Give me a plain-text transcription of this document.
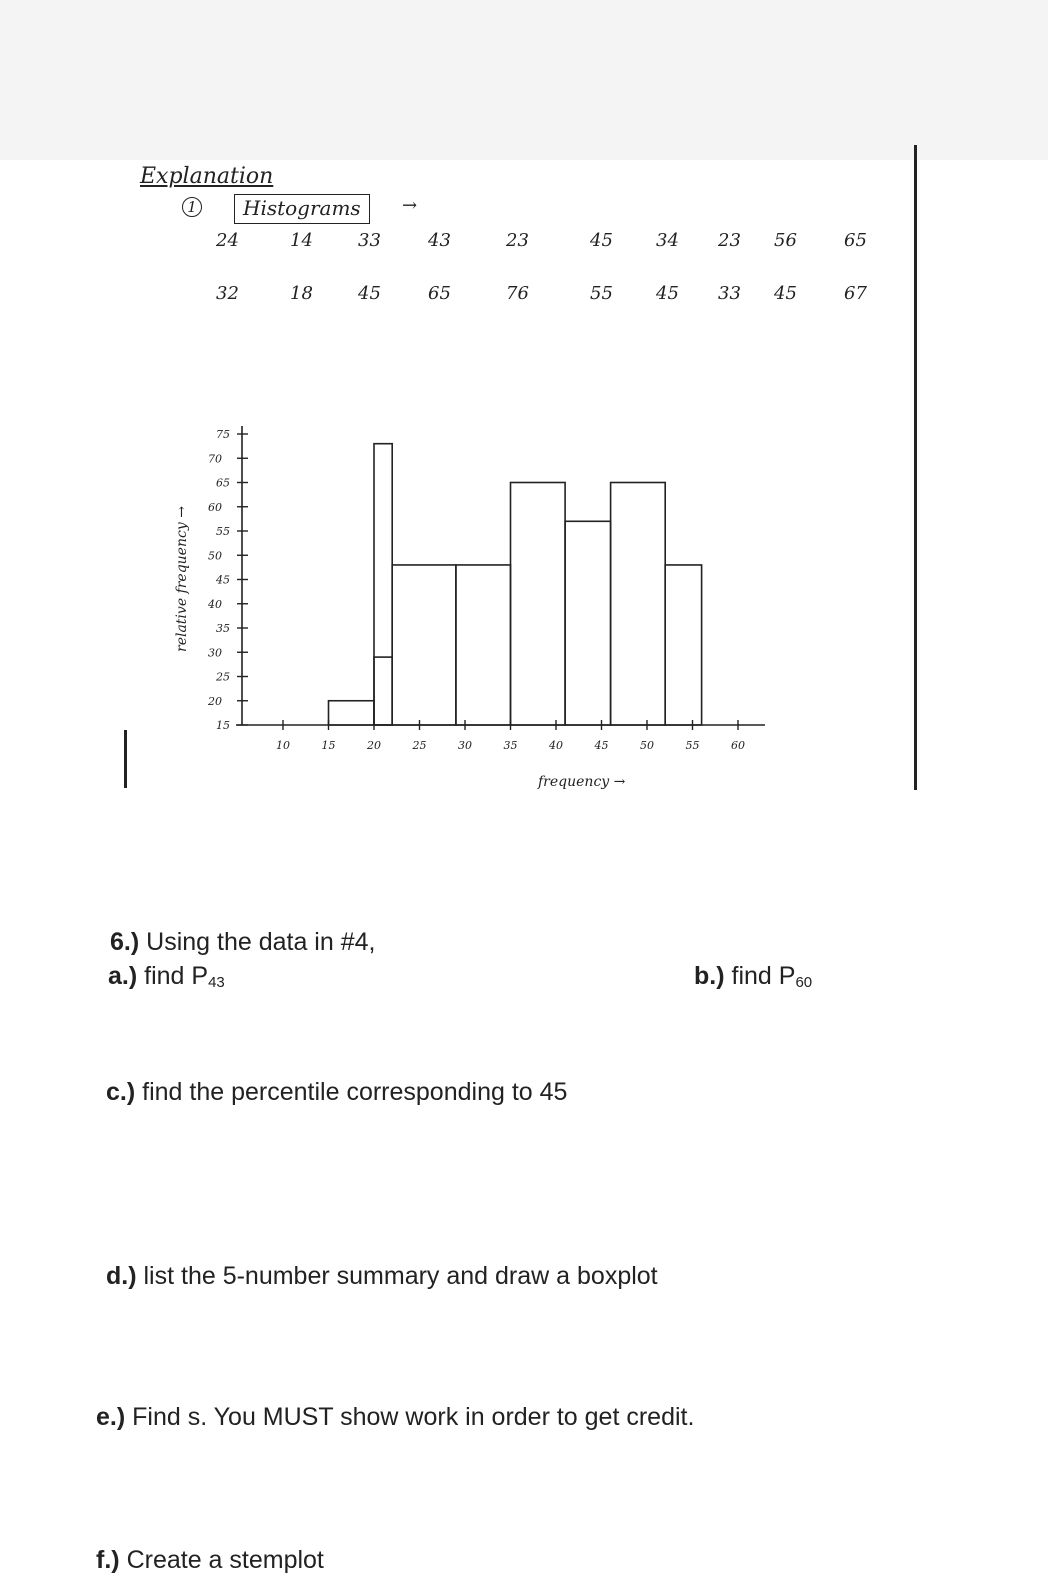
Explanation
1	Histograms	→
24	14	33	43	23	45 34 23 56	65
32	18	45	65	76	55 45 33 45	67
10	15	20	25	30	35	40	45	50	55	60
15
20
25
30
35
40
45
50
55
60
65
70
75
frequency →
relative frequency →
6.) Using the data in #4,
a.) find $P_{43}$	b.) find $P_{60}$
c.) find the percentile corresponding to 45
d.) list the 5-number summary and draw a boxplot
e.) Find s. You MUST show work in order to get credit.
f.) Create a stemplot
